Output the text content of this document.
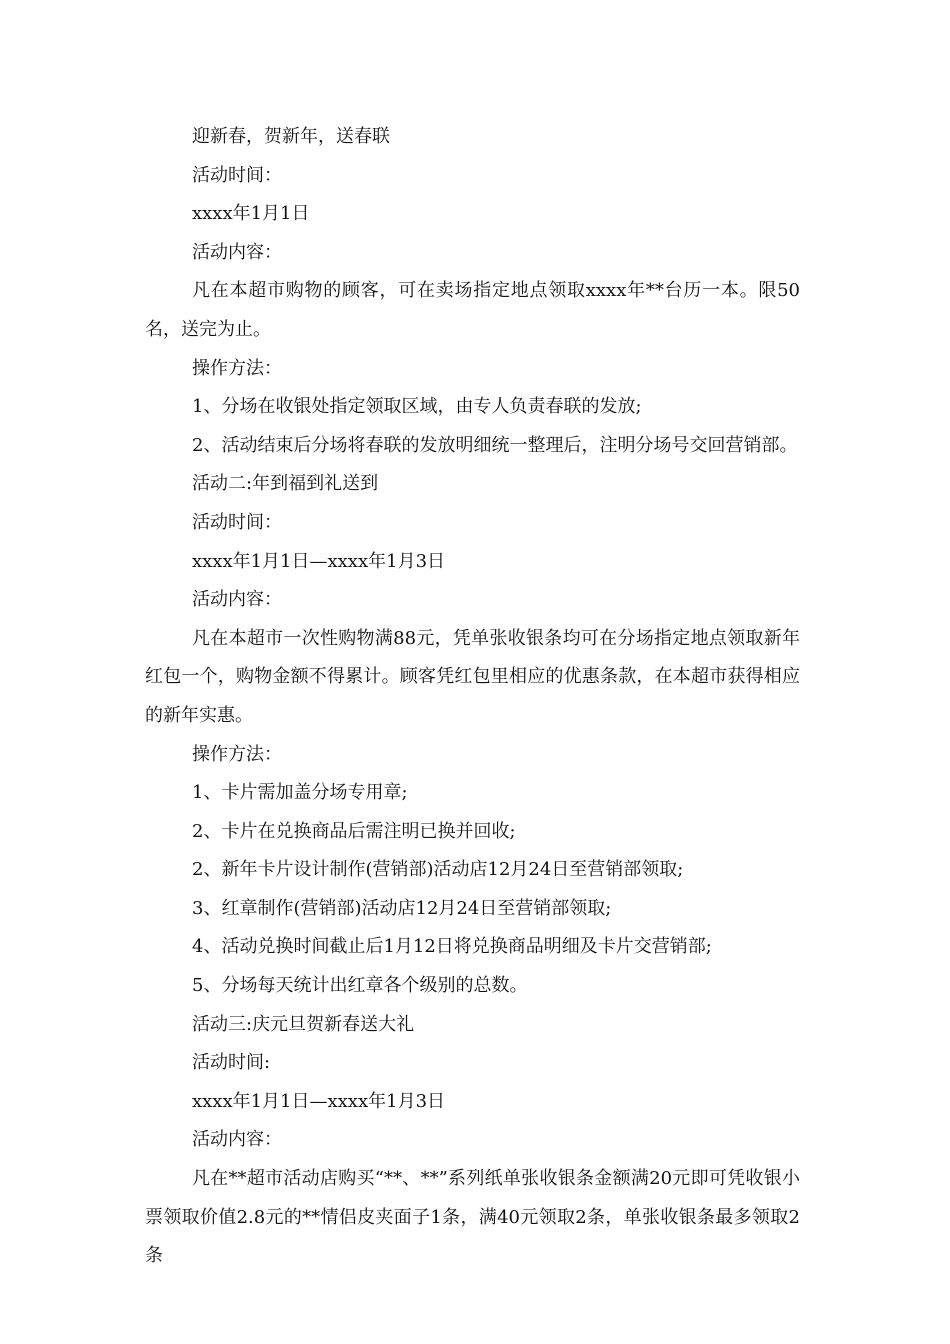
迎新春，贺新年，送春联

活动时间：

xxxx年1月1日

活动内容：

凡在本超市购物的顾客，可在卖场指定地点领取xxxx年**台历一本。限50名，送完为止。

操作方法：

1、分场在收银处指定领取区域，由专人负责春联的发放;

2、活动结束后分场将春联的发放明细统一整理后，注明分场号交回营销部。

活动二:年到福到礼送到

活动时间：

xxxx年1月1日—xxxx年1月3日

活动内容：

凡在本超市一次性购物满88元，凭单张收银条均可在分场指定地点领取新年红包一个，购物金额不得累计。顾客凭红包里相应的优惠条款，在本超市获得相应的新年实惠。

操作方法：

1、卡片需加盖分场专用章;

2、卡片在兑换商品后需注明已换并回收;

2、新年卡片设计制作(营销部)活动店12月24日至营销部领取;

3、红章制作(营销部)活动店12月24日至营销部领取;

4、活动兑换时间截止后1月12日将兑换商品明细及卡片交营销部;

5、分场每天统计出红章各个级别的总数。

活动三:庆元旦贺新春送大礼

活动时间:

xxxx年1月1日—xxxx年1月3日

活动内容：

凡在**超市活动店购买“**、**”系列纸单张收银条金额满20元即可凭收银小票领取价值2.8元的**情侣皮夹面子1条，满40元领取2条，单张收银条最多领取2条
